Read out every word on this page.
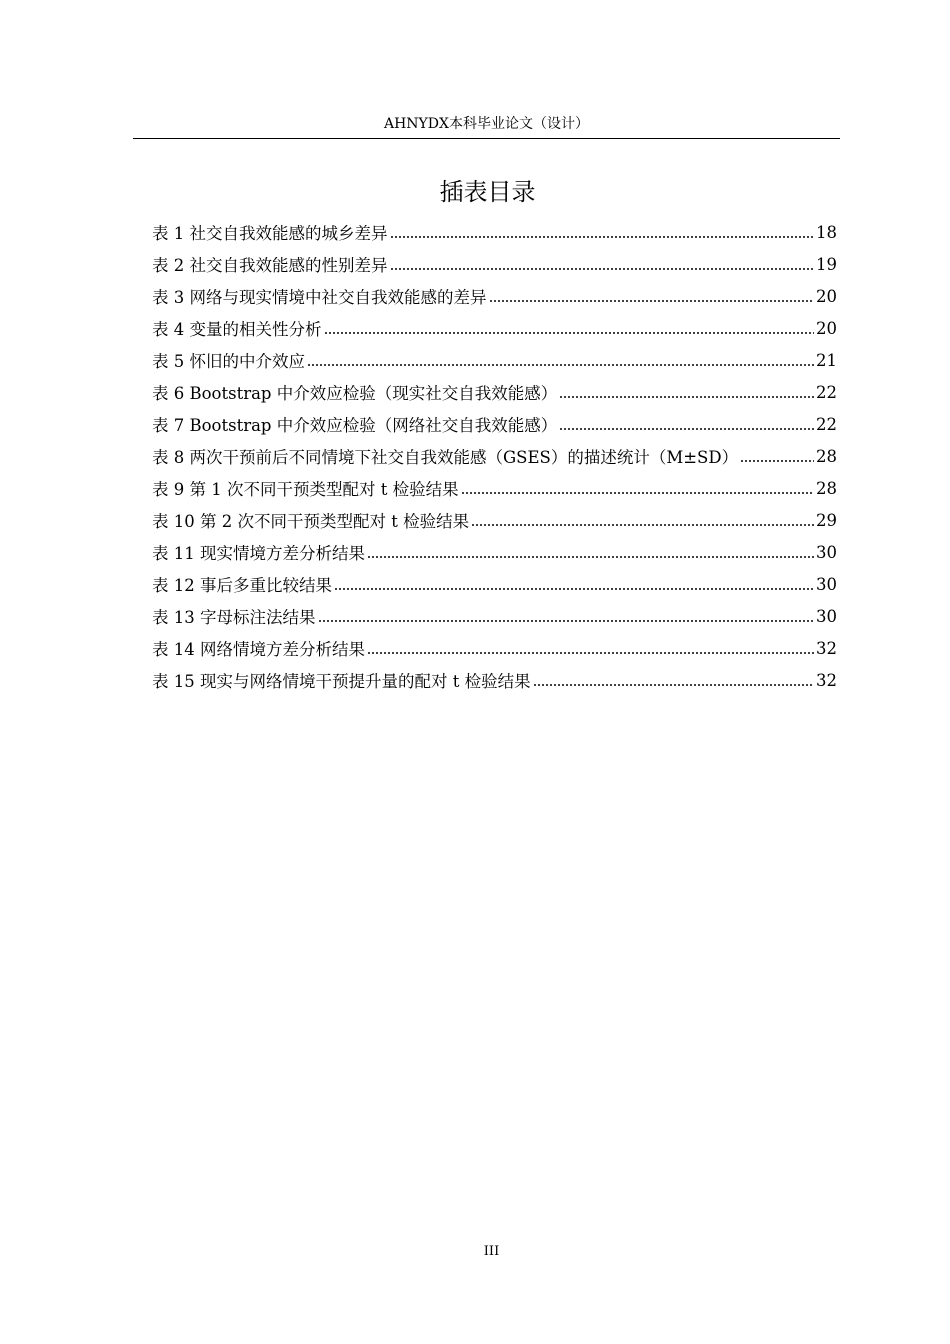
AHNYDX本科毕业论文（设计）
插表目录
表 1 社交自我效能感的城乡差异	18
表 2 社交自我效能感的性别差异	19
表 3 网络与现实情境中社交自我效能感的差异	20
表 4 变量的相关性分析	20
表 5 怀旧的中介效应	21
表 6 Bootstrap 中介效应检验（现实社交自我效能感）	22
表 7 Bootstrap 中介效应检验（网络社交自我效能感）	22
表 8 两次干预前后不同情境下社交自我效能感（GSES）的描述统计（M±SD）	28
表 9 第 1 次不同干预类型配对 t 检验结果	28
表 10 第 2 次不同干预类型配对 t 检验结果	29
表 11 现实情境方差分析结果	30
表 12 事后多重比较结果	30
表 13 字母标注法结果	30
表 14 网络情境方差分析结果	32
表 15 现实与网络情境干预提升量的配对 t 检验结果	32
III
